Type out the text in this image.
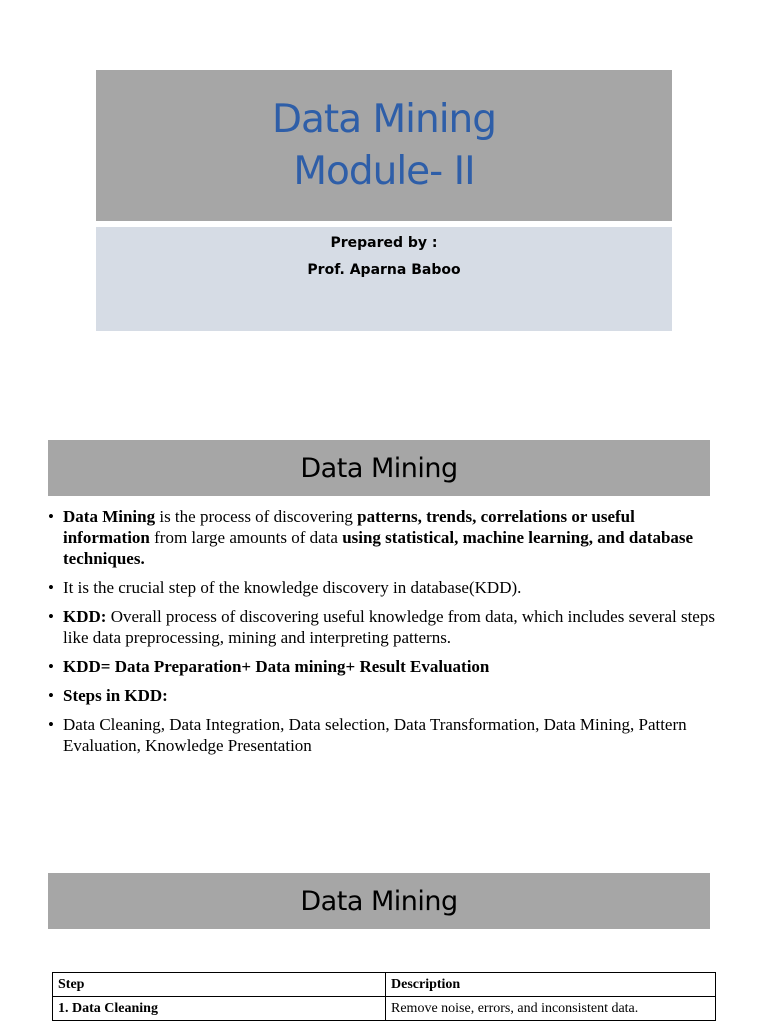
Data Mining
Module- II
Prepared by :
Prof. Aparna Baboo
Data Mining
• Data Mining is the process of discovering patterns, trends, correlations or useful information from large amounts of data using statistical, machine learning, and database techniques.
• It is the crucial step of the knowledge discovery in database(KDD).
• KDD: Overall process of discovering useful knowledge from data, which includes several steps like data preprocessing, mining and interpreting patterns.
• KDD= Data Preparation+ Data mining+ Result Evaluation
• Steps in KDD:
• Data Cleaning, Data Integration, Data selection, Data Transformation, Data Mining, Pattern Evaluation, Knowledge Presentation
Data Mining
Step	Description
1. Data Cleaning	Remove noise, errors, and inconsistent data.
